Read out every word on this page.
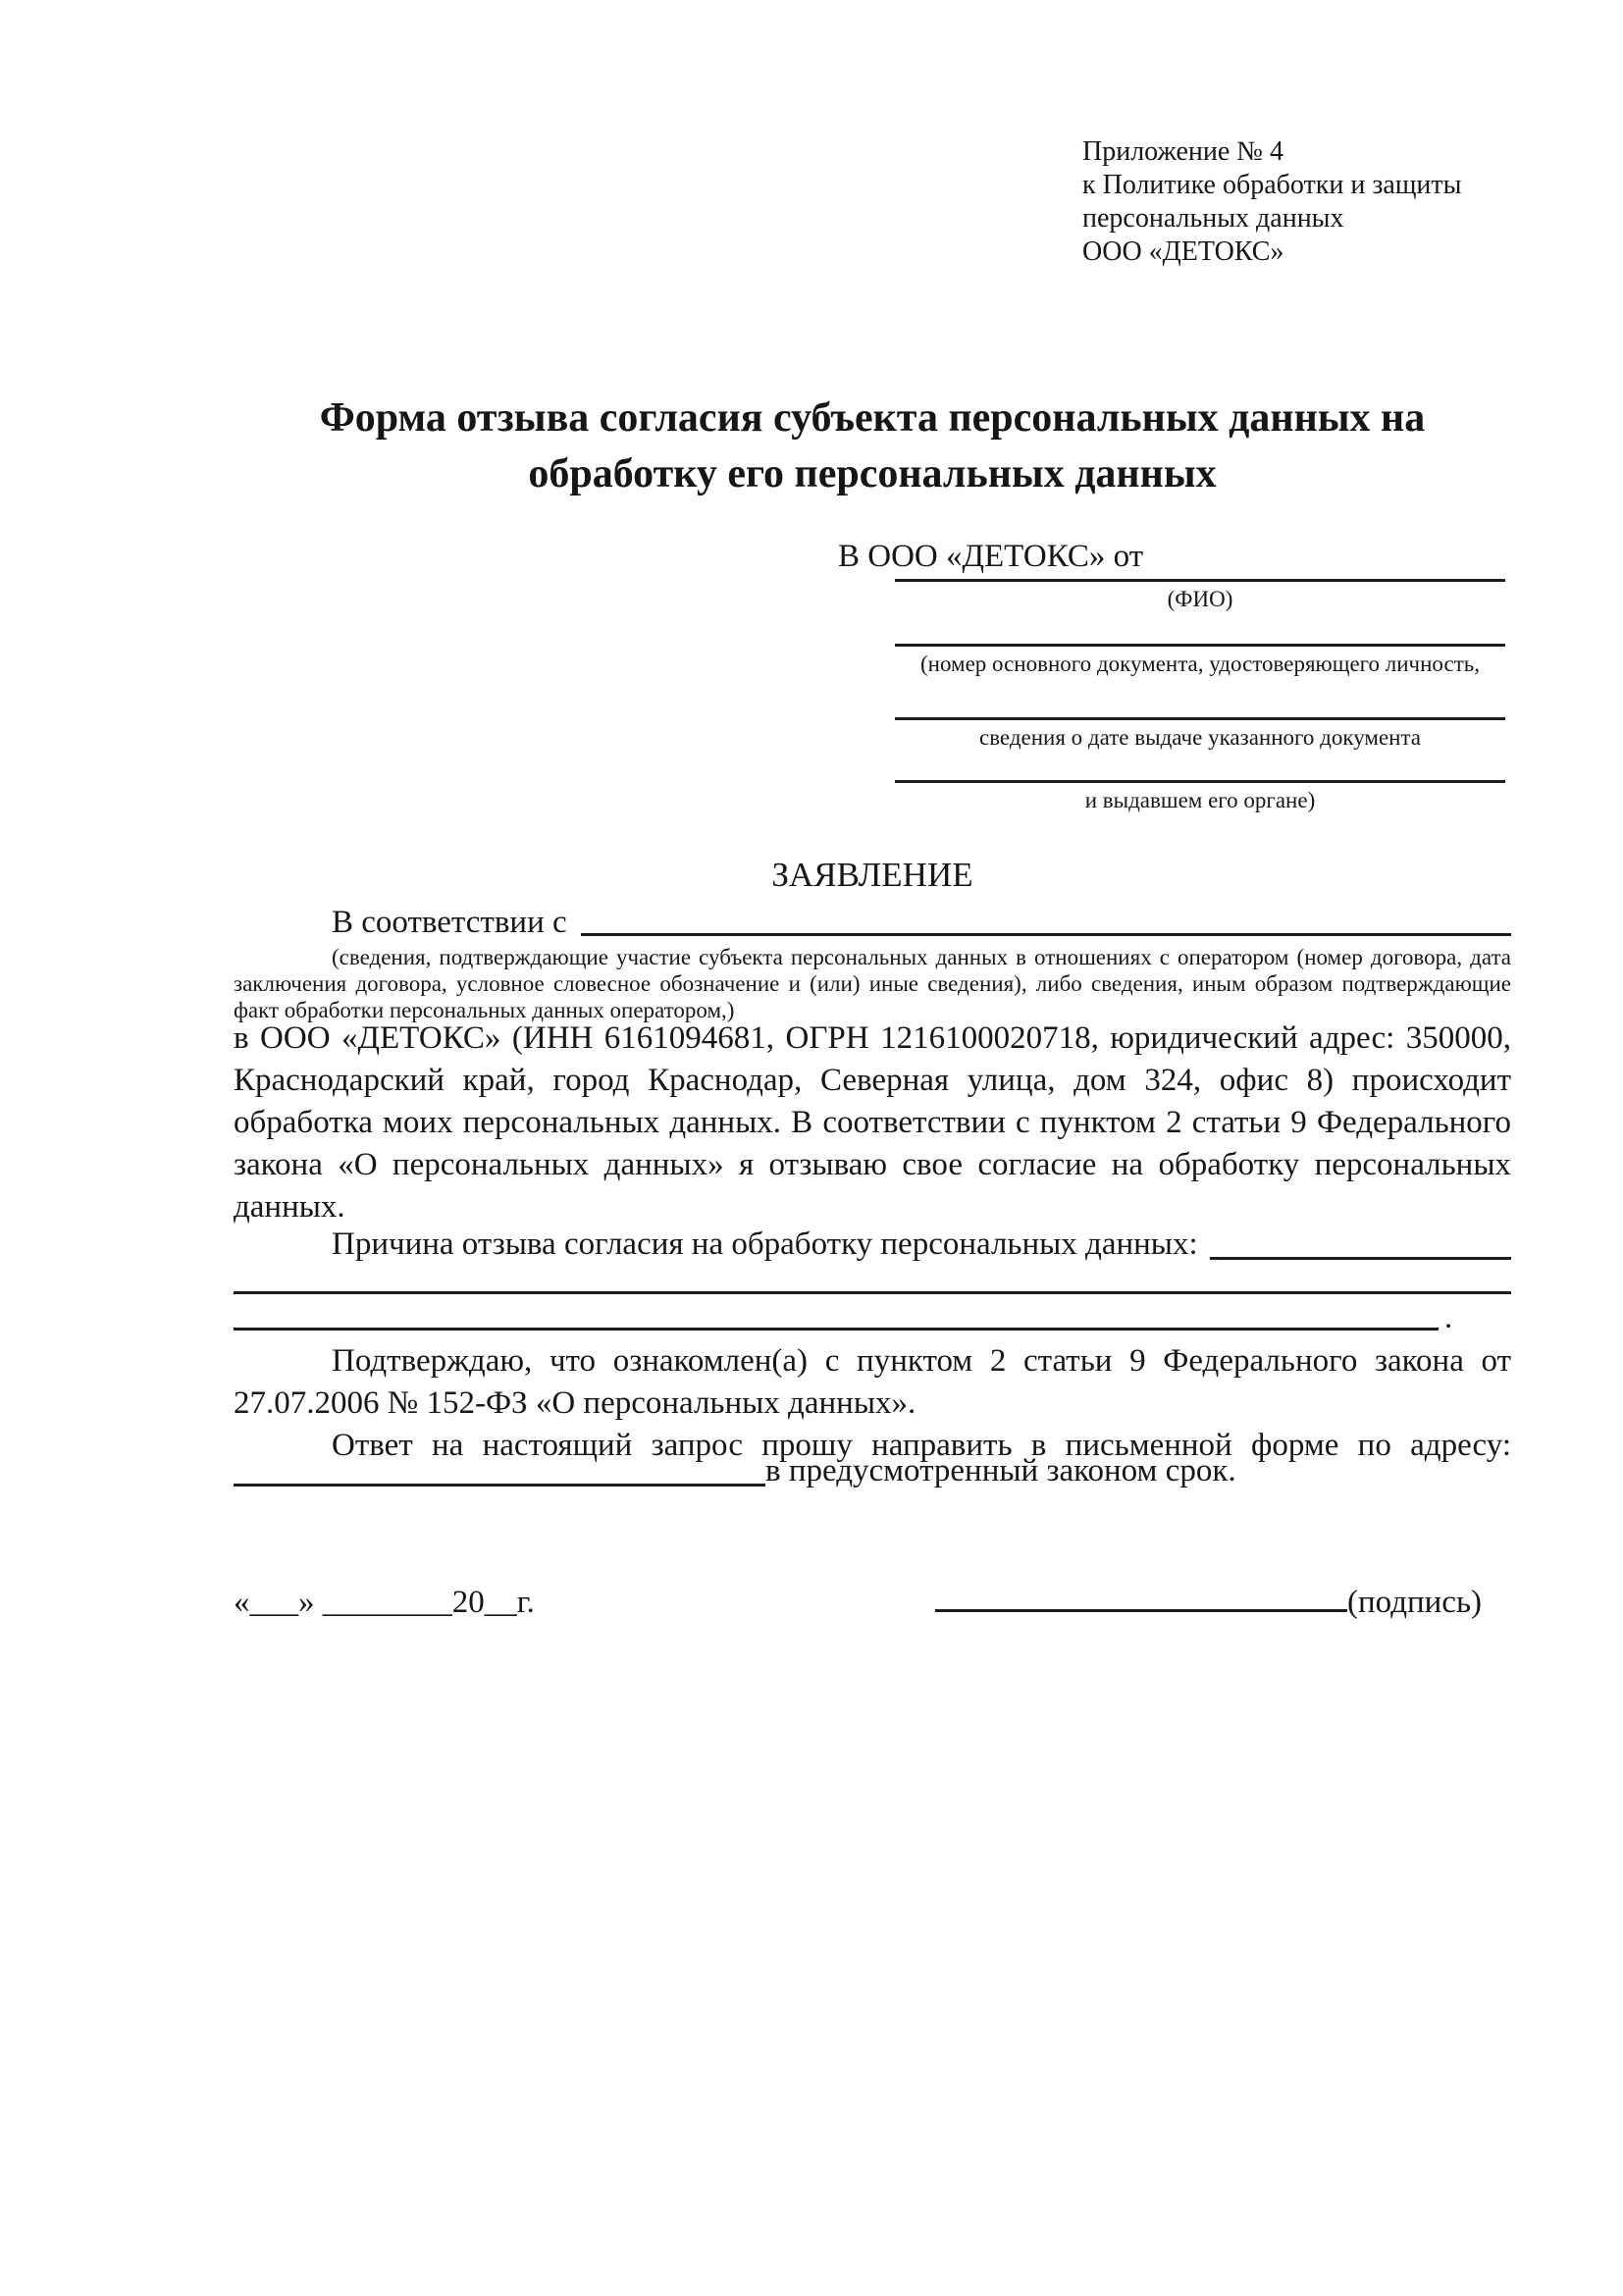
Приложение № 4
к Политике обработки и защиты
персональных данных
ООО «ДЕТОКС»
Форма отзыва согласия субъекта персональных данных на обработку его персональных данных
В ООО «ДЕТОКС» от
(ФИО)
(номер основного документа, удостоверяющего личность,
сведения о дате выдаче указанного документа
и выдавшем его органе)
ЗАЯВЛЕНИЕ
В соответствии с
(сведения, подтверждающие участие субъекта персональных данных в отношениях с оператором (номер договора, дата заключения договора, условное словесное обозначение и (или) иные сведения), либо сведения, иным образом подтверждающие факт обработки персональных данных оператором,)
в ООО «ДЕТОКС» (ИНН 6161094681, ОГРН 1216100020718, юридический адрес: 350000, Краснодарский край, город Краснодар, Северная улица, дом 324, офис 8) происходит обработка моих персональных данных. В соответствии с пунктом 2 статьи 9 Федерального закона «О персональных данных» я отзываю свое согласие на обработку персональных данных.
Причина отзыва согласия на обработку персональных данных:
.
Подтверждаю, что ознакомлен(а) с пунктом 2 статьи 9 Федерального закона от 27.07.2006 № 152-ФЗ «О персональных данных».
Ответ на настоящий запрос прошу направить в письменной форме по адресу:
в предусмотренный законом срок.
«___» ________20__г.	(подпись)
